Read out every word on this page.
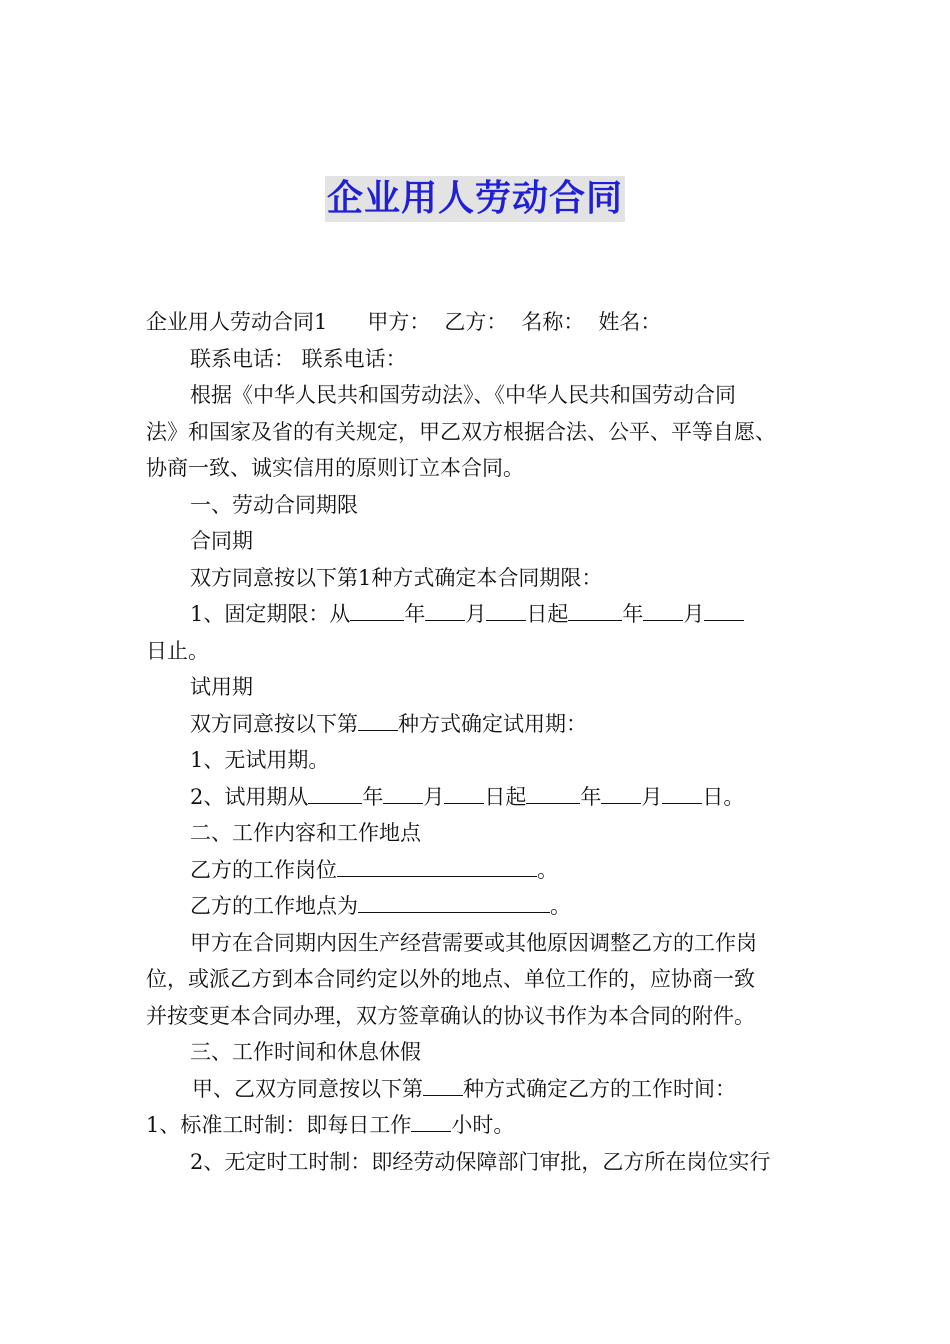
企业用人劳动合同
企业用人劳动合同1 甲方： 乙方： 名称： 姓名：
联系电话： 联系电话：
根据《中华人民共和国劳动法》、《中华人民共和国劳动合同
法》和国家及省的有关规定，甲乙双方根据合法、公平、平等自愿、
协商一致、诚实信用的原则订立本合同。
一、劳动合同期限
合同期
双方同意按以下第1种方式确定本合同期限：
1、固定期限：从	年 月 日起	年 月
日止。
试用期
双方同意按以下第 种方式确定试用期：
1、无试用期。
2、试用期从	年 月 日起	年 月 日。
二、工作内容和工作地点
乙方的工作岗位	。
乙方的工作地点为	。
甲方在合同期内因生产经营需要或其他原因调整乙方的工作岗
位，或派乙方到本合同约定以外的地点、单位工作的，应协商一致
并按变更本合同办理，双方签章确认的协议书作为本合同的附件。
三、工作时间和休息休假
甲、乙双方同意按以下第 种方式确定乙方的工作时间：
1、标准工时制：即每日工作 小时。
2、无定时工时制：即经劳动保障部门审批，乙方所在岗位实行
